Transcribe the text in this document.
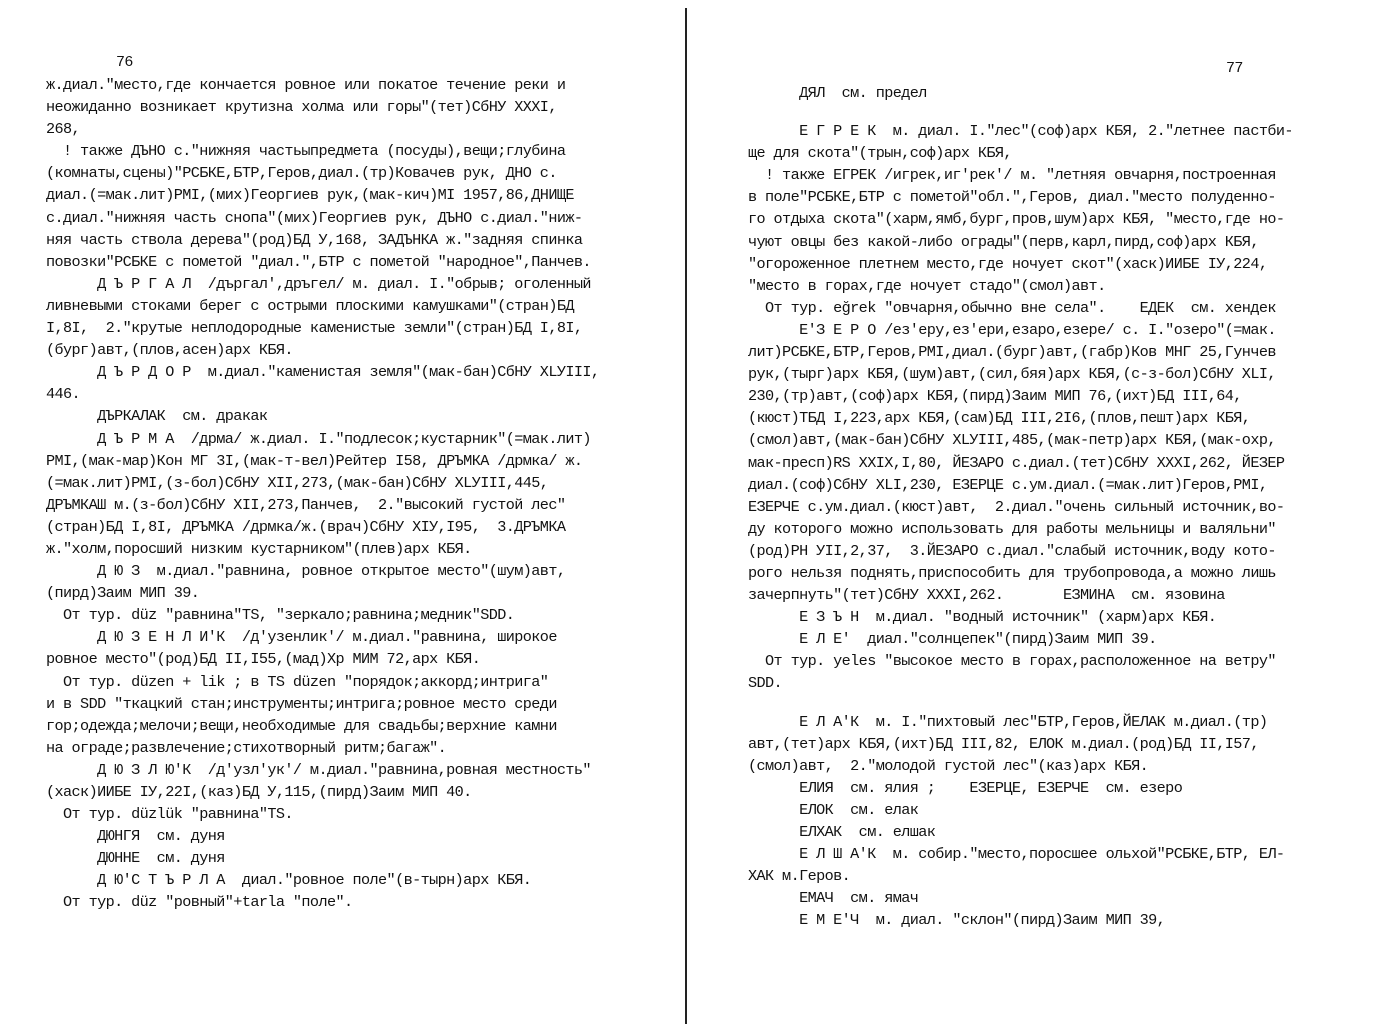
76
ж.диал."место,где кончается ровное или покатое течение реки и
неожиданно возникает крутизна холма или горы"(тет)СбНУ XXXI,
268,
! также ДЪНО с."нижняя частьыпредмета (посуды),вещи;глубина
(комнаты,сцены)"РСБКЕ,БТР,Геров,диал.(тр)Ковачев рук, ДНО с.
диал.(=мак.лит)РМI,(мих)Георгиев рук,(мак-кич)МI 1957,86,ДНИЩЕ
с.диал."нижняя часть снопа"(мих)Георгиев рук, ДЪНО с.диал."ниж-
няя часть ствола дерева"(род)БД У,168, ЗАДЪНКА ж."задняя спинка
повозки"РСБКЕ с пометой "диал.",БТР с пометой "народное",Панчев.
Д Ъ Р Г А Л  /дъргал',дръгел/ м. диал. I."обрыв; оголенный
ливневыми стоками берег с острыми плоскими камушками"(стран)БД
I,8I,  2."крутые неплодородные каменистые земли"(стран)БД I,8I,
(бург)авт,(плов,асен)арх КБЯ.
Д Ъ Р Д О Р  м.диал."каменистая земля"(мак-бан)СбНУ XLУIII,
446.
ДЪРКАЛАК  см. дракак
Д Ъ Р М А  /дрма/ ж.диал. I."подлесок;кустарник"(=мак.лит)
РМI,(мак-мар)Кон МГ 3I,(мак-т-вел)Рейтер I58, ДРЪМКА /дрмка/ ж.
(=мак.лит)РМI,(з-бол)СбНУ XII,273,(мак-бан)СбНУ XLУIII,445,
ДРЪМКАШ м.(з-бол)СбНУ XII,273,Панчев,  2."высокий густой лес"
(стран)БД I,8I, ДРЪМКА /дрмка/ж.(врач)СбНУ XIУ,I95,  3.ДРЪМКА
ж."холм,поросший низким кустарником"(плев)арх КБЯ.
Д Ю З  м.диал."равнина, ровное открытое место"(шум)авт,
(пирд)Заим МИП 39.
От тур. düz "равнина"TS, "зеркало;равнина;медник"SDD.
Д Ю З Е Н Л И'К  /д'узенлик'/ м.диал."равнина, широкое
ровное место"(род)БД II,I55,(мад)Хр МИМ 72,арх КБЯ.
От тур. düzen + lik ; в TS düzen "порядок;аккорд;интрига"
и в SDD "ткацкий стан;инструменты;интрига;ровное место среди
гор;одежда;мелочи;вещи,необходимые для свадьбы;верхние камни
на ограде;развлечение;стихотворный ритм;багаж".
Д Ю З Л Ю'К  /д'узл'ук'/ м.диал."равнина,ровная местность"
(хаск)ИИБЕ IУ,22I,(каз)БД У,115,(пирд)Заим МИП 40.
От тур. düzlük "равнина"TS.
ДЮНГЯ  см. дуня
ДЮННЕ  см. дуня
Д Ю'С Т Ъ Р Л А  диал."ровное поле"(в-тырн)арх КБЯ.
От тур. düz "ровный"+tarla "поле".
77
ДЯЛ  см. предел
Е Г Р Е К  м. диал. I."лес"(соф)арх КБЯ, 2."летнее пастби-
ще для скота"(трын,соф)арх КБЯ,
! также ЕГРЕК /игрек,иг'рек'/ м. "летняя овчарня,построенная
в поле"РСБКЕ,БТР с пометой"обл.",Геров, диал."место полуденно-
го отдыха скота"(харм,ямб,бург,пров,шум)арх КБЯ, "место,где но-
чуют овцы без какой-либо ограды"(перв,карл,пирд,соф)арх КБЯ,
"огороженное плетнем место,где ночует скот"(хаск)ИИБЕ IУ,224,
"место в горах,где ночует стадо"(смол)авт.
От тур. eğrek "овчарня,обычно вне села".    ЕДЕК  см. хендек
Е'З Е Р О /ез'еру,ез'ери,езаро,езере/ с. I."озеро"(=мак.
лит)РСБКЕ,БТР,Геров,РМI,диал.(бург)авт,(габр)Ков МНГ 25,Гунчев
рук,(тырг)арх КБЯ,(шум)авт,(сил,бяя)арх КБЯ,(с-з-бол)СбНУ XLI,
230,(тр)авт,(соф)арх КБЯ,(пирд)Заим МИП 76,(ихт)БД III,64,
(кюст)ТБД I,223,арх КБЯ,(сам)БД III,2I6,(плов,пешт)арх КБЯ,
(смол)авт,(мак-бан)СбНУ XLУIII,485,(мак-петр)арх КБЯ,(мак-охр,
мак-пресп)RS XXIX,I,80, ЙЕЗАРО с.диал.(тет)СбНУ XXXI,262, ЙЕЗЕР
диал.(соф)СбНУ XLI,230, ЕЗЕРЦЕ с.ум.диал.(=мак.лит)Геров,РМI,
ЕЗЕРЧЕ с.ум.диал.(кюст)авт,  2.диал."очень сильный источник,во-
ду которого можно использовать для работы мельницы и валяльни"
(род)РН УII,2,37,  3.ЙЕЗАРО с.диал."слабый источник,воду кото-
рого нельзя поднять,приспособить для трубопровода,а можно лишь
зачерпнуть"(тет)СбНУ XXXI,262.       ЕЗМИНА  см. язовина
Е З Ъ Н  м.диал. "водный источник" (харм)арх КБЯ.
Е Л Е'  диал."солнцепек"(пирд)Заим МИП 39.
От тур. yeles "высокое место в горах,расположенное на ветру"
SDD.
Е Л А'К  м. I."пихтовый лес"БТР,Геров,ЙЕЛАК м.диал.(тр)
авт,(тет)арх КБЯ,(ихт)БД III,82, ЕЛОК м.диал.(род)БД II,I57,
(смол)авт,  2."молодой густой лес"(каз)арх КБЯ.
ЕЛИЯ  см. ялия ;    ЕЗЕРЦЕ, ЕЗЕРЧЕ  см. езеро
ЕЛОК  см. елак
ЕЛХАК  см. елшак
Е Л Ш А'К  м. собир."место,поросшее ольхой"РСБКЕ,БТР, ЕЛ-
ХАК м.Геров.
ЕМАЧ  см. ямач
Е М Е'Ч  м. диал. "склон"(пирд)Заим МИП 39,
